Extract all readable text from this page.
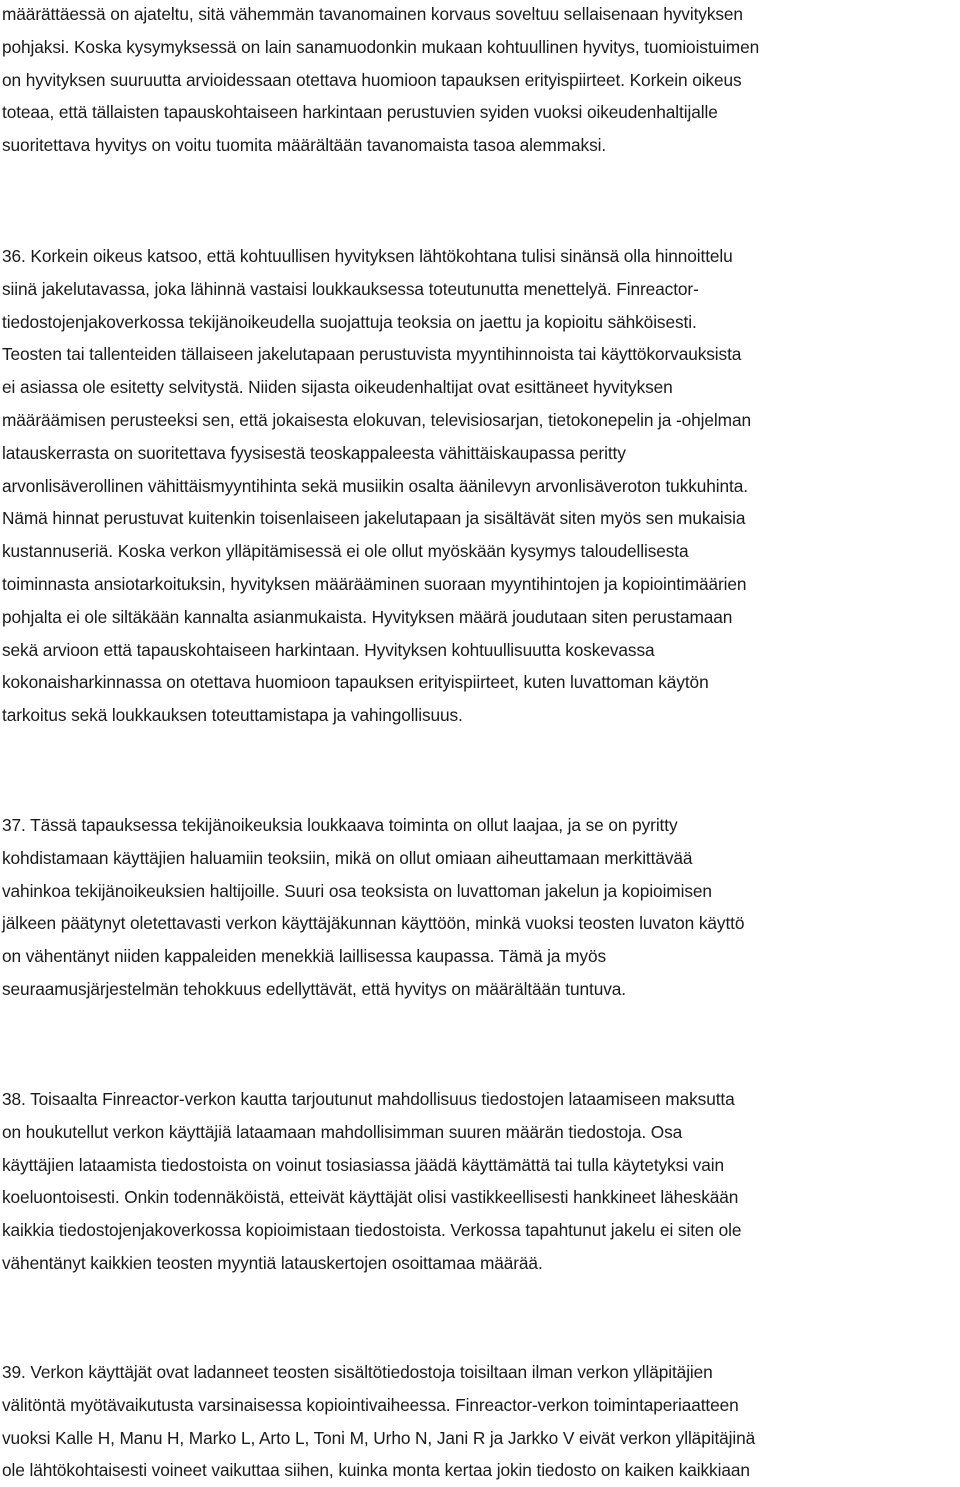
määrättäessä on ajateltu, sitä vähemmän tavanomainen korvaus soveltuu sellaisenaan hyvityksen
pohjaksi. Koska kysymyksessä on lain sanamuodonkin mukaan kohtuullinen hyvitys, tuomioistuimen
on hyvityksen suuruutta arvioidessaan otettava huomioon tapauksen erityispiirteet. Korkein oikeus
toteaa, että tällaisten tapauskohtaiseen harkintaan perustuvien syiden vuoksi oikeudenhaltijalle
suoritettava hyvitys on voitu tuomita määrältään tavanomaista tasoa alemmaksi.
36. Korkein oikeus katsoo, että kohtuullisen hyvityksen lähtökohtana tulisi sinänsä olla hinnoittelu
siinä jakelutavassa, joka lähinnä vastaisi loukkauksessa toteutunutta menettelyä. Finreactor-
tiedostojenjakoverkossa tekijänoikeudella suojattuja teoksia on jaettu ja kopioitu sähköisesti.
Teosten tai tallenteiden tällaiseen jakelutapaan perustuvista myyntihinnoista tai käyttökorvauksista
ei asiassa ole esitetty selvitystä. Niiden sijasta oikeudenhaltijat ovat esittäneet hyvityksen
määräämisen perusteeksi sen, että jokaisesta elokuvan, televisiosarjan, tietokonepelin ja -ohjelman
latauskerrasta on suoritettava fyysisestä teoskappaleesta vähittäiskaupassa peritty
arvonlisäverollinen vähittäismyyntihinta sekä musiikin osalta äänilevyn arvonlisäveroton tukkuhinta.
Nämä hinnat perustuvat kuitenkin toisenlaiseen jakelutapaan ja sisältävät siten myös sen mukaisia
kustannuseriä. Koska verkon ylläpitämisessä ei ole ollut myöskään kysymys taloudellisesta
toiminnasta ansiotarkoituksin, hyvityksen määrääminen suoraan myyntihintojen ja kopiointimäärien
pohjalta ei ole siltäkään kannalta asianmukaista. Hyvityksen määrä joudutaan siten perustamaan
sekä arvioon että tapauskohtaiseen harkintaan. Hyvityksen kohtuullisuutta koskevassa
kokonaisharkinnassa on otettava huomioon tapauksen erityispiirteet, kuten luvattoman käytön
tarkoitus sekä loukkauksen toteuttamistapa ja vahingollisuus.
37. Tässä tapauksessa tekijänoikeuksia loukkaava toiminta on ollut laajaa, ja se on pyritty
kohdistamaan käyttäjien haluamiin teoksiin, mikä on ollut omiaan aiheuttamaan merkittävää
vahinkoa tekijänoikeuksien haltijoille. Suuri osa teoksista on luvattoman jakelun ja kopioimisen
jälkeen päätynyt oletettavasti verkon käyttäjäkunnan käyttöön, minkä vuoksi teosten luvaton käyttö
on vähentänyt niiden kappaleiden menekkiä laillisessa kaupassa. Tämä ja myös
seuraamusjärjestelmän tehokkuus edellyttävät, että hyvitys on määrältään tuntuva.
38. Toisaalta Finreactor-verkon kautta tarjoutunut mahdollisuus tiedostojen lataamiseen maksutta
on houkutellut verkon käyttäjiä lataamaan mahdollisimman suuren määrän tiedostoja. Osa
käyttäjien lataamista tiedostoista on voinut tosiasiassa jäädä käyttämättä tai tulla käytetyksi vain
koeluontoisesti. Onkin todennäköistä, etteivät käyttäjät olisi vastikkeellisesti hankkineet läheskään
kaikkia tiedostojenjakoverkossa kopioimistaan tiedostoista. Verkossa tapahtunut jakelu ei siten ole
vähentänyt kaikkien teosten myyntiä latauskertojen osoittamaa määrää.
39. Verkon käyttäjät ovat ladanneet teosten sisältötiedostoja toisiltaan ilman verkon ylläpitäjien
välitöntä myötävaikutusta varsinaisessa kopiointivaiheessa. Finreactor-verkon toimintaperiaatteen
vuoksi Kalle H, Manu H, Marko L, Arto L, Toni M, Urho N, Jani R ja Jarkko V eivät verkon ylläpitäjinä
ole lähtökohtaisesti voineet vaikuttaa siihen, kuinka monta kertaa jokin tiedosto on kaiken kaikkiaan
